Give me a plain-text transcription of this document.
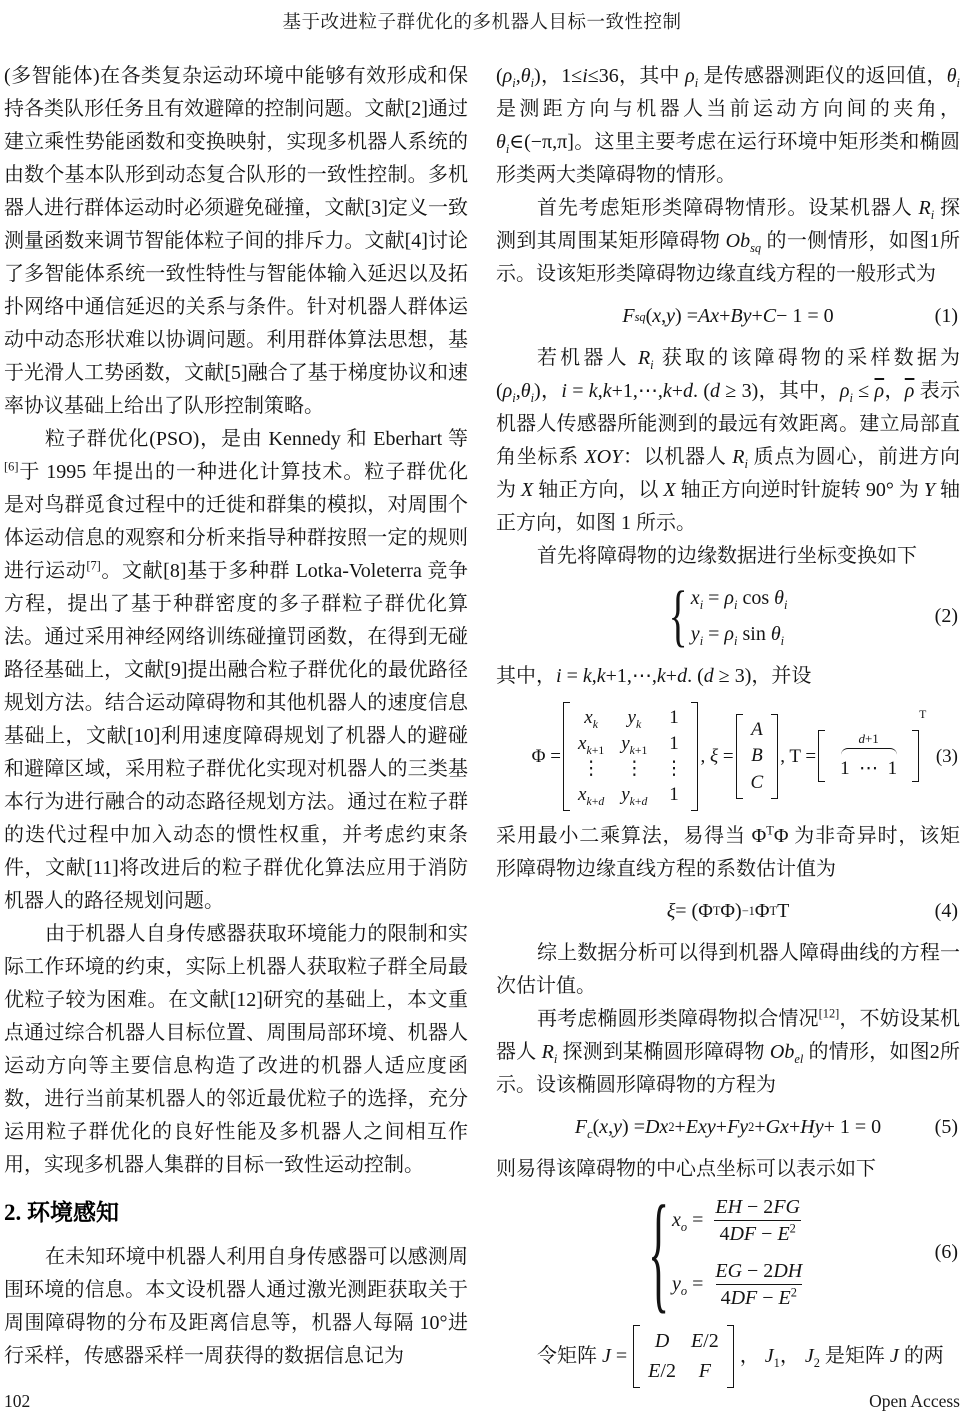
基于改进粒子群优化的多机器人目标一致性控制

(多智能体)在各类复杂运动环境中能够有效形成和保持各类队形任务且有效避障的控制问题。文献[2]通过建立乘性势能函数和变换映射，实现多机器人系统的由数个基本队形到动态复合队形的一致性控制。多机器人进行群体运动时必须避免碰撞，文献[3]定义一致测量函数来调节智能体粒子间的排斥力。文献[4]讨论了多智能体系统一致性特性与智能体输入延迟以及拓扑网络中通信延迟的关系与条件。针对机器人群体运动中动态形状难以协调问题。利用群体算法思想，基于光滑人工势函数，文献[5]融合了基于梯度协议和速率协议基础上给出了队形控制策略。

粒子群优化(PSO)，是由 Kennedy 和 Eberhart 等[6]于 1995 年提出的一种进化计算技术。粒子群优化是对鸟群觅食过程中的迁徙和群集的模拟，对周围个体运动信息的观察和分析来指导种群按照一定的规则进行运动[7]。文献[8]基于多种群 Lotka-Voleterra 竞争方程，提出了基于种群密度的多子群粒子群优化算法。通过采用神经网络训练碰撞罚函数，在得到无碰路径基础上，文献[9]提出融合粒子群优化的最优路径规划方法。结合运动障碍物和其他机器人的速度信息基础上，文献[10]利用速度障碍规划了机器人的避碰和避障区域，采用粒子群优化实现对机器人的三类基本行为进行融合的动态路径规划方法。通过在粒子群的迭代过程中加入动态的惯性权重，并考虑约束条件，文献[11]将改进后的粒子群优化算法应用于消防机器人的路径规划问题。

由于机器人自身传感器获取环境能力的限制和实际工作环境的约束，实际上机器人获取粒子群全局最优粒子较为困难。在文献[12]研究的基础上，本文重点通过综合机器人目标位置、周围局部环境、机器人运动方向等主要信息构造了改进的机器人适应度函数，进行当前某机器人的邻近最优粒子的选择，充分运用粒子群优化的良好性能及多机器人之间相互作用，实现多机器人集群的目标一致性运动控制。

2. 环境感知

在未知环境中机器人利用自身传感器可以感测周围环境的信息。本文设机器人通过激光测距获取关于周围障碍物的分布及距离信息等，机器人每隔 10°进行采样，传感器采样一周获得的数据信息记为

$(\rho_i,\theta_i)$，1≤i≤36，其中 $\rho_i$ 是传感器测距仪的返回值，$\theta_i$ 是测距方向与机器人当前运动方向间的夹角，$\theta_i\in(-\pi,\pi]$。这里主要考虑在运行环境中矩形类和椭圆形类两大类障碍物的情形。

首先考虑矩形类障碍物情形。设某机器人 $R_i$ 探测到其周围某矩形障碍物 $Ob_{sq}$ 的一侧情形，如图1所示。设该矩形类障碍物边缘直线方程的一般形式为

F sq ( x , y ) = Ax + By + C − 1 = 0	(1)

若机器人 $R_i$ 获取的该障碍物的采样数据为$(\rho_i,\theta_i)$，i = k,k+1,⋯,k+d. (d ≥ 3)，其中，$\rho_i \le \overline{\rho}$，$\overline{\rho}$ 表示机器人传感器所能测到的最远有效距离。建立局部直角坐标系 XOY：以机器人 $R_i$ 质点为圆心，前进方向为 X 轴正方向，以 X 轴正方向逆时针旋转 90° 为 Y 轴正方向，如图 1 所示。

首先将障碍物的边缘数据进行坐标变换如下

{ $x_i = \rho_i$ $\cos \theta_i$
$y_i = \rho_i$ $\sin \theta_i$
(2)

其中，i = k,k+1,⋯,k+d. (d ≥ 3)，并设

Φ =
$x_k$ $y_k$ 1
$x_{k+1}$ $y_{k+1}$ 1
⋮ ⋮ ⋮
$x_{k+d}$ $y_{k+d}$ 1
, ξ =
A
B
C
, T =
d+1
1  ⋯  1
T
(3)

采用最小二乘算法，易得当 $\Phi^T\Phi$ 为非奇异时，该矩形障碍物边缘直线方程的系数估计值为

ξ = (Φ T Φ) −1 Φ T T	(4)

综上数据分析可以得到机器人障碍曲线的方程一次估计值。

再考虑椭圆形类障碍物拟合情况[12]，不妨设某机器人 $R_i$ 探测到某椭圆形障碍物 $Ob_{el}$ 的情形，如图2所示。设该椭圆形障碍物的方程为

$F_c$ ( x , y ) = Dx 2 + Exy + Fy 2 + Gx + Hy + 1 = 0	(5)

则易得该障碍物的中心点坐标可以表示如下

{ $x_o = \frac{EH - 2FG}{4DF - E^2}$
$y_o = \frac{EG - 2DH}{4DF - E^2}$
(6)
令矩阵 J =
D E/2
E/2 F
， $J_1$， $J_2$ 是矩阵 J 的两
102	Open Access
